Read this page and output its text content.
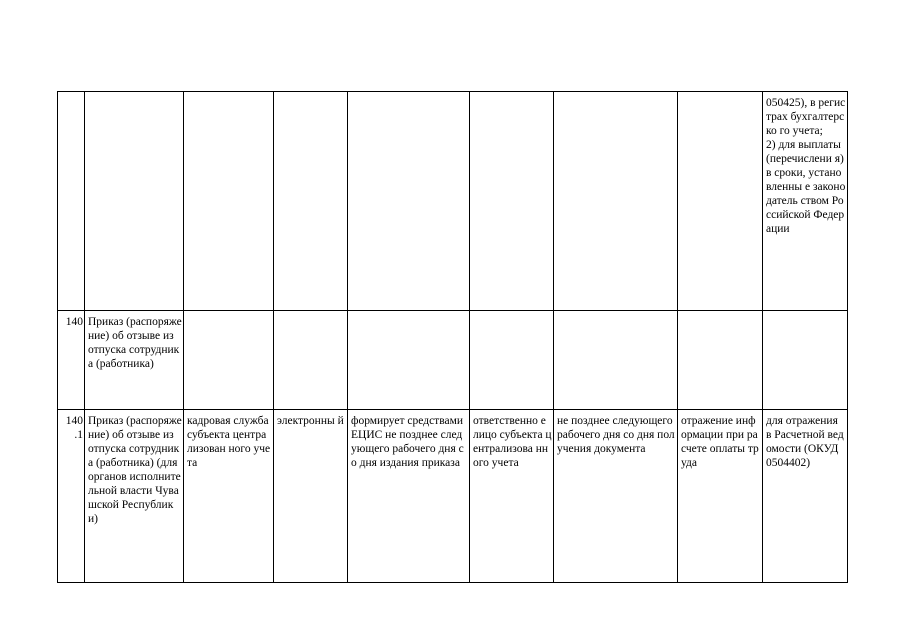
								050425), в регистрах бухгалтерско го учета;
2) для выплаты (перечислени я) в сроки, установленны е законодатель ством Российской Федерации
140	Приказ (распоряжение) об отзыве из отпуска сотрудника (работника)							
140 .1	Приказ (распоряжение) об отзыве из отпуска сотрудника (работника) (для органов исполнительной власти Чувашской Республики)	кадровая служба субъекта централизован ного учета	электронны й	формирует средствами ЕЦИС не позднее следующего рабочего дня со дня издания приказа	ответственно е лицо субъекта централизова нного учета	не позднее следующего рабочего дня со дня получения документа	отражение информации при расчете оплаты труда	для отражения в Расчетной ведомости (ОКУД 0504402)
